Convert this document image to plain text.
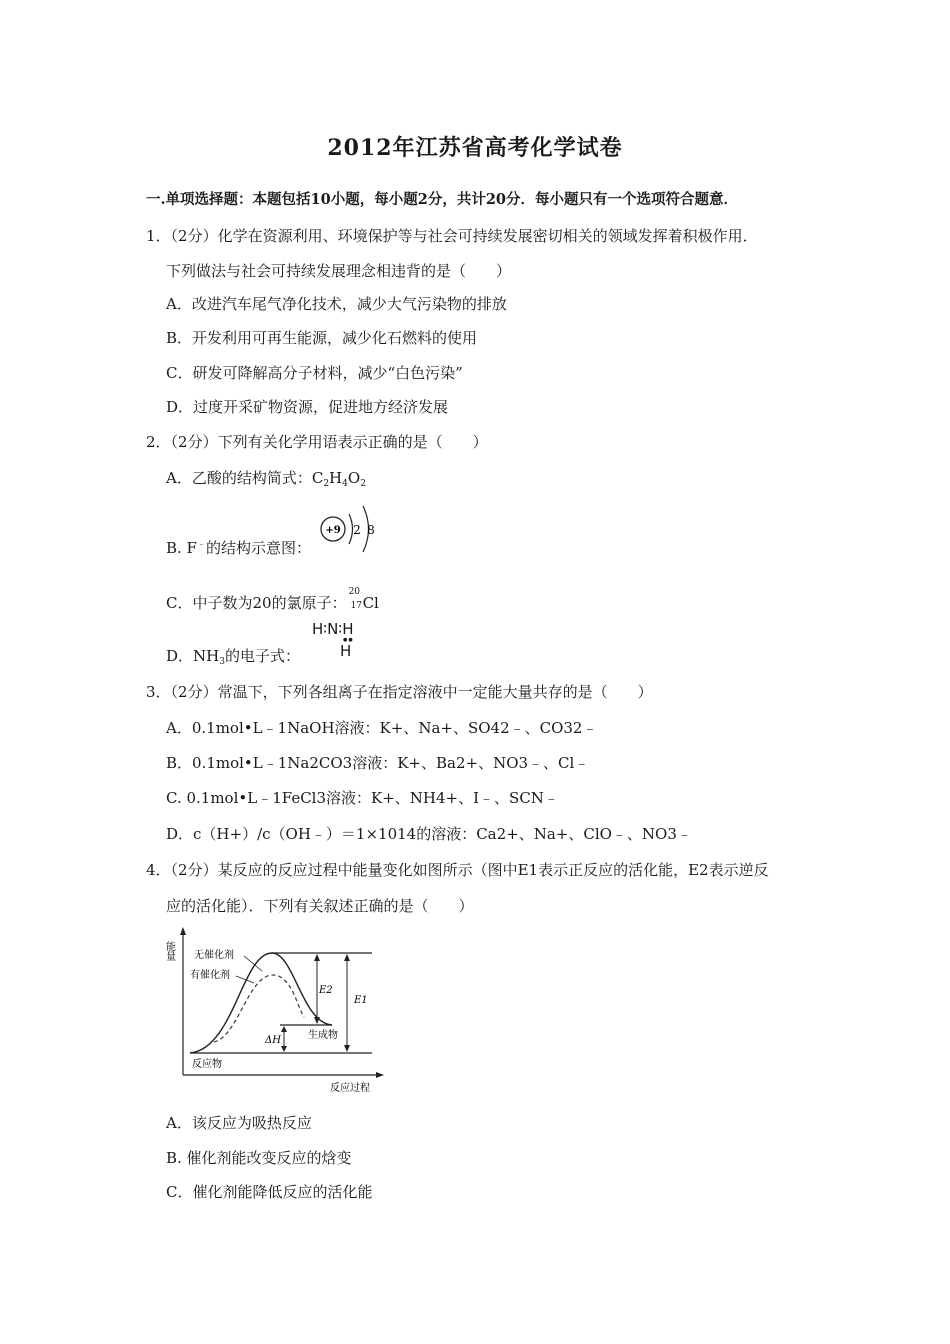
2012年江苏省高考化学试卷
一.单项选择题：本题包括10小题，每小题2分，共计20分．每小题只有一个选项符合题意．
1．（2分）化学在资源利用、环境保护等与社会可持续发展密切相关的领域发挥着积极作用．
下列做法与社会可持续发展理念相违背的是（　　）
A．改进汽车尾气净化技术，减少大气污染物的排放
B．开发利用可再生能源，减少化石燃料的使用
C．研发可降解高分子材料，减少“白色污染”
D．过度开采矿物资源，促进地方经济发展
2．（2分）下列有关化学用语表示正确的是（　　）
A．乙酸的结构简式：$C_2H_4O_2$
B. F﹣的结构示意图：
+9 2 8
C．中子数为20的氯原子：
20
17 Cl
D．$NH_3$的电子式：
H∶N∶H
●●
H
3．（2分）常温下，下列各组离子在指定溶液中一定能大量共存的是（　　）
A．0.1mol•L﹣1NaOH溶液：K+、Na+、SO42﹣、CO32﹣
B．0.1mol•L﹣1Na2CO3溶液：K+、Ba2+、NO3﹣、Cl﹣
C. 0.1mol•L﹣1FeCl3溶液：K+、NH4+、I﹣、SCN﹣
D．c（H+）/c（OH﹣）＝1×1014的溶液：Ca2+、Na+、ClO﹣、NO3﹣
4．（2分）某反应的反应过程中能量变化如图所示（图中E1表示正反应的活化能，E2表示逆反
应的活化能）．下列有关叙述正确的是（　　）
能量
反应过程
无催化剂
有催化剂
反应物
生成物
E2
E1
ΔH
A．该反应为吸热反应
B. 催化剂能改变反应的焓变
C．催化剂能降低反应的活化能
